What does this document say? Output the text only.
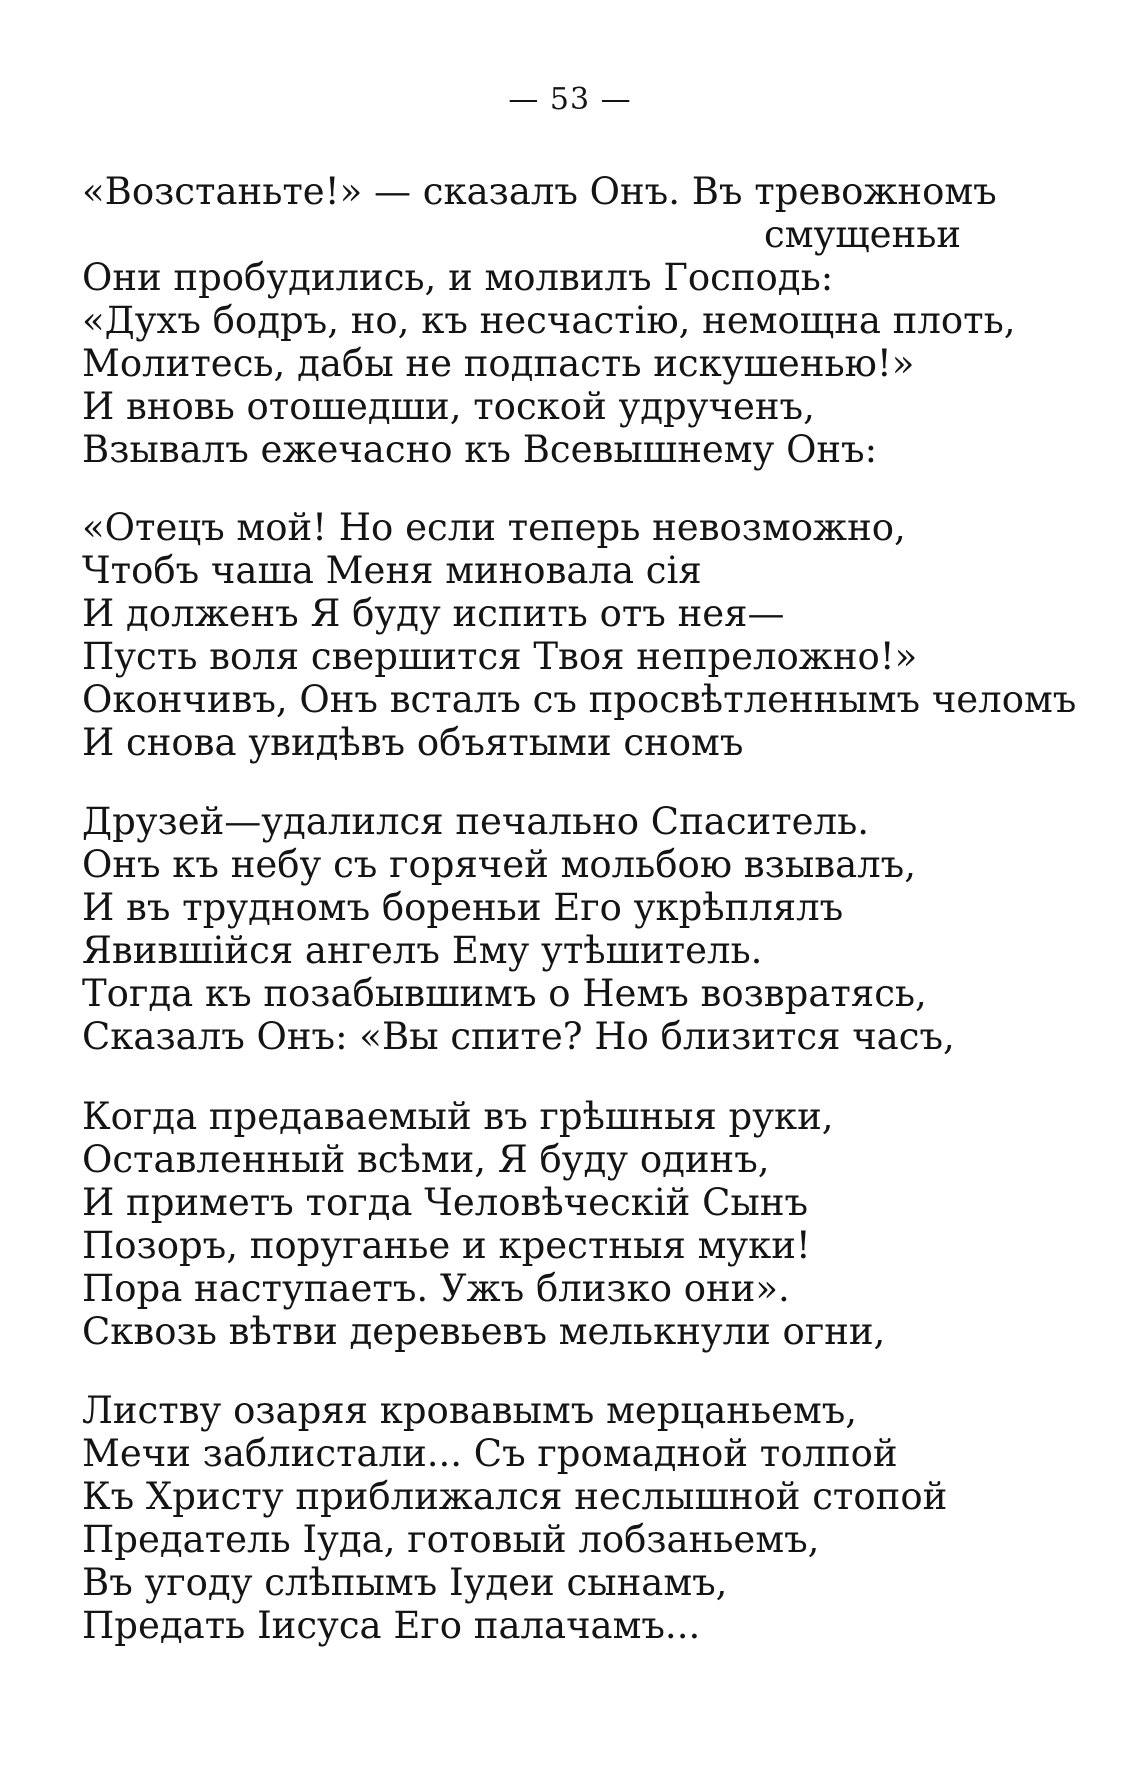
— 53 —
«Возстаньте!» — сказалъ Онъ. Въ тревожномъ
смущеньи
Они пробудились, и молвилъ Господь:
«Духъ бодръ, но, къ несчастію, немощна плоть,
Молитесь, дабы не подпасть искушенью!»
И вновь отошедши, тоской удрученъ,
Взывалъ ежечасно къ Всевышнему Онъ:
«Отецъ мой! Но если теперь невозможно,
Чтобъ чаша Меня миновала сія
И долженъ Я буду испить отъ нея—
Пусть воля свершится Твоя непреложно!»
Окончивъ, Онъ всталъ съ просвѣтленнымъ челомъ
И снова увидѣвъ объятыми сномъ
Друзей—удалился печально Спаситель.
Онъ къ небу съ горячей мольбою взывалъ,
И въ трудномъ бореньи Его укрѣплялъ
Явившійся ангелъ Ему утѣшитель.
Тогда къ позабывшимъ о Немъ возвратясь,
Сказалъ Онъ: «Вы спите? Но близится часъ,
Когда предаваемый въ грѣшныя руки,
Оставленный всѣми, Я буду одинъ,
И приметъ тогда Человѣческій Сынъ
Позоръ, поруганье и крестныя муки!
Пора наступаетъ. Ужъ близко они».
Сквозь вѣтви деревьевъ мелькнули огни,
Листву озаряя кровавымъ мерцаньемъ,
Мечи заблистали... Съ громадной толпой
Къ Христу приближался неслышной стопой
Предатель Іуда, готовый лобзаньемъ,
Въ угоду слѣпымъ Іудеи сынамъ,
Предать Іисуса Его палачамъ...
